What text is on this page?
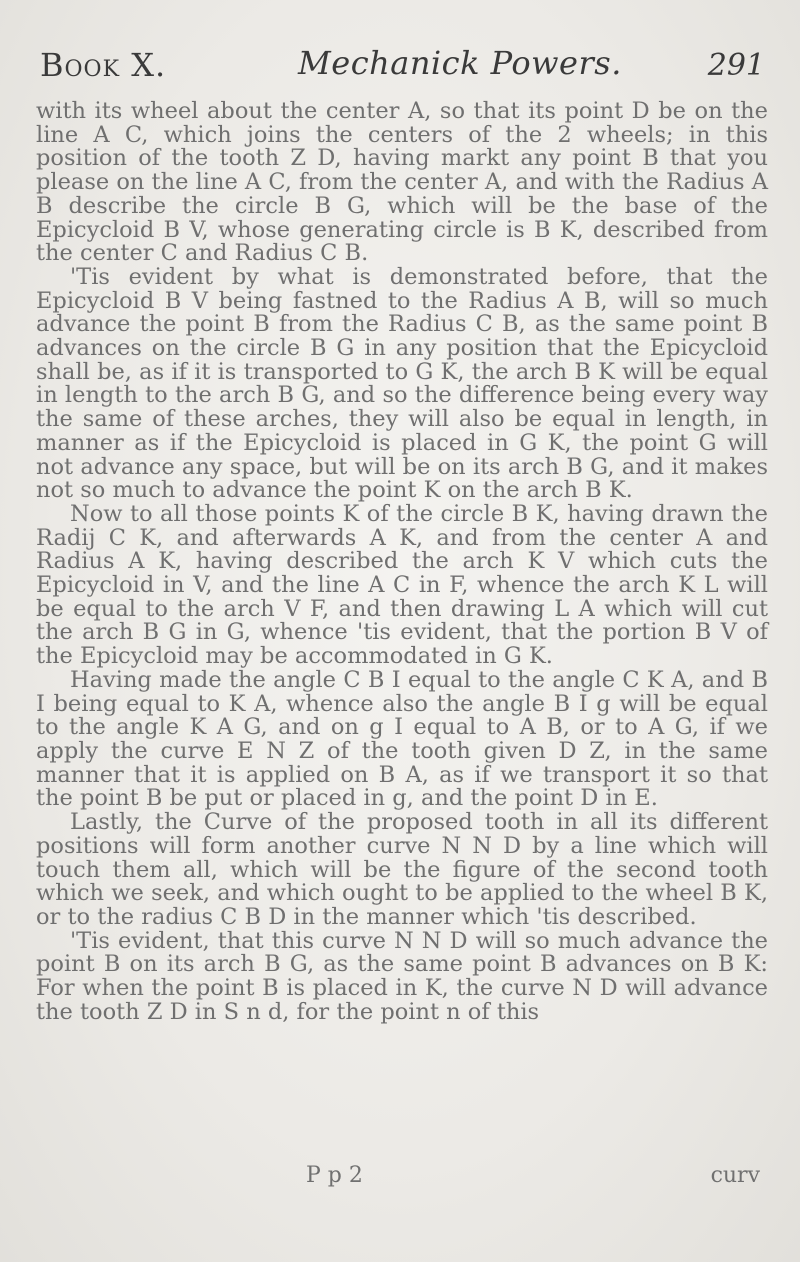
Book X.	Mechanick Powers.	291

with its wheel about the center A, so that its point D be on the line A C, which joins the centers of the 2 wheels; in this position of the tooth Z D, having markt any point B that you please on the line A C, from the center A, and with the Radius A B describe the circle B G, which will be the base of the Epicycloid B V, whose generating circle is B K, described from the center C and Radius C B.

'Tis evident by what is demonstrated before, that the Epicycloid B V being fastned to the Radius A B, will so much advance the point B from the Radius C B, as the same point B advances on the circle B G in any position that the Epicycloid shall be, as if it is transported to G K, the arch B K will be equal in length to the arch B G, and so the difference being every way the same of these arches, they will also be equal in length, in manner as if the Epicycloid is placed in G K, the point G will not advance any space, but will be on its arch B G, and it makes not so much to advance the point K on the arch B K.

Now to all those points K of the circle B K, having drawn the Radij C K, and afterwards A K, and from the center A and Radius A K, having described the arch K V which cuts the Epicycloid in V, and the line A C in F, whence the arch K L will be equal to the arch V F, and then drawing L A which will cut the arch B G in G, whence 'tis evident, that the portion B V of the Epicycloid may be accommodated in G K.

Having made the angle C B I equal to the angle C K A, and B I being equal to K A, whence also the angle B I g will be equal to the angle K A G, and on g I equal to A B, or to A G, if we apply the curve E N Z of the tooth given D Z, in the same manner that it is applied on B A, as if we transport it so that the point B be put or placed in g, and the point D in E.

Lastly, the Curve of the proposed tooth in all its different positions will form another curve N N D by a line which will touch them all, which will be the figure of the second tooth which we seek, and which ought to be applied to the wheel B K, or to the radius C B D in the manner which 'tis described.

'Tis evident, that this curve N N D will so much advance the point B on its arch B G, as the same point B advances on B K: For when the point B is placed in K, the curve N D will advance the tooth Z D in S n d, for the point n of this

P p 2	curv
